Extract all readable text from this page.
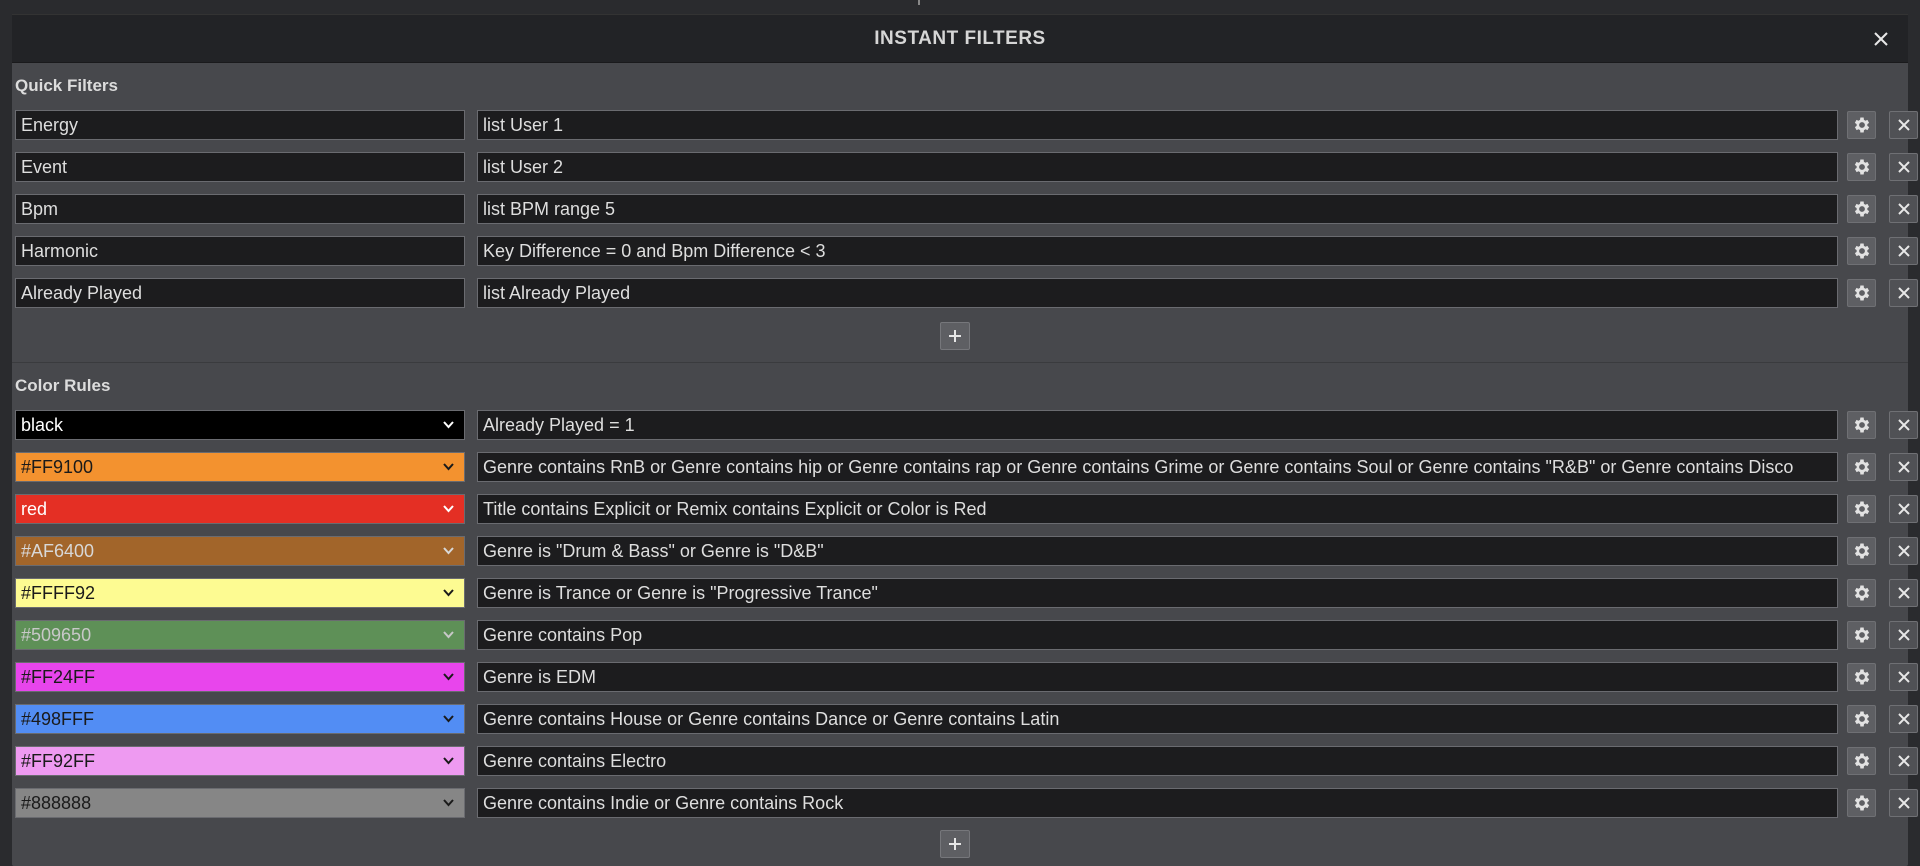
INSTANT FILTERS
Quick Filters
Energy	list User 1
Event	list User 2
Bpm	list BPM range 5
Harmonic	Key Difference = 0 and Bpm Difference < 3
Already Played	list Already Played
Color Rules
black	Already Played = 1
#FF9100	Genre contains RnB or Genre contains hip or Genre contains rap or Genre contains Grime or Genre contains Soul or Genre contains "R&B" or Genre contains Disco
red	Title contains Explicit or Remix contains Explicit or Color is Red
#AF6400	Genre is "Drum & Bass" or Genre is "D&B"
#FFFF92	Genre is Trance or Genre is "Progressive Trance"
#509650	Genre contains Pop
#FF24FF	Genre is EDM
#498FFF	Genre contains House or Genre contains Dance or Genre contains Latin
#FF92FF	Genre contains Electro
#888888	Genre contains Indie or Genre contains Rock
